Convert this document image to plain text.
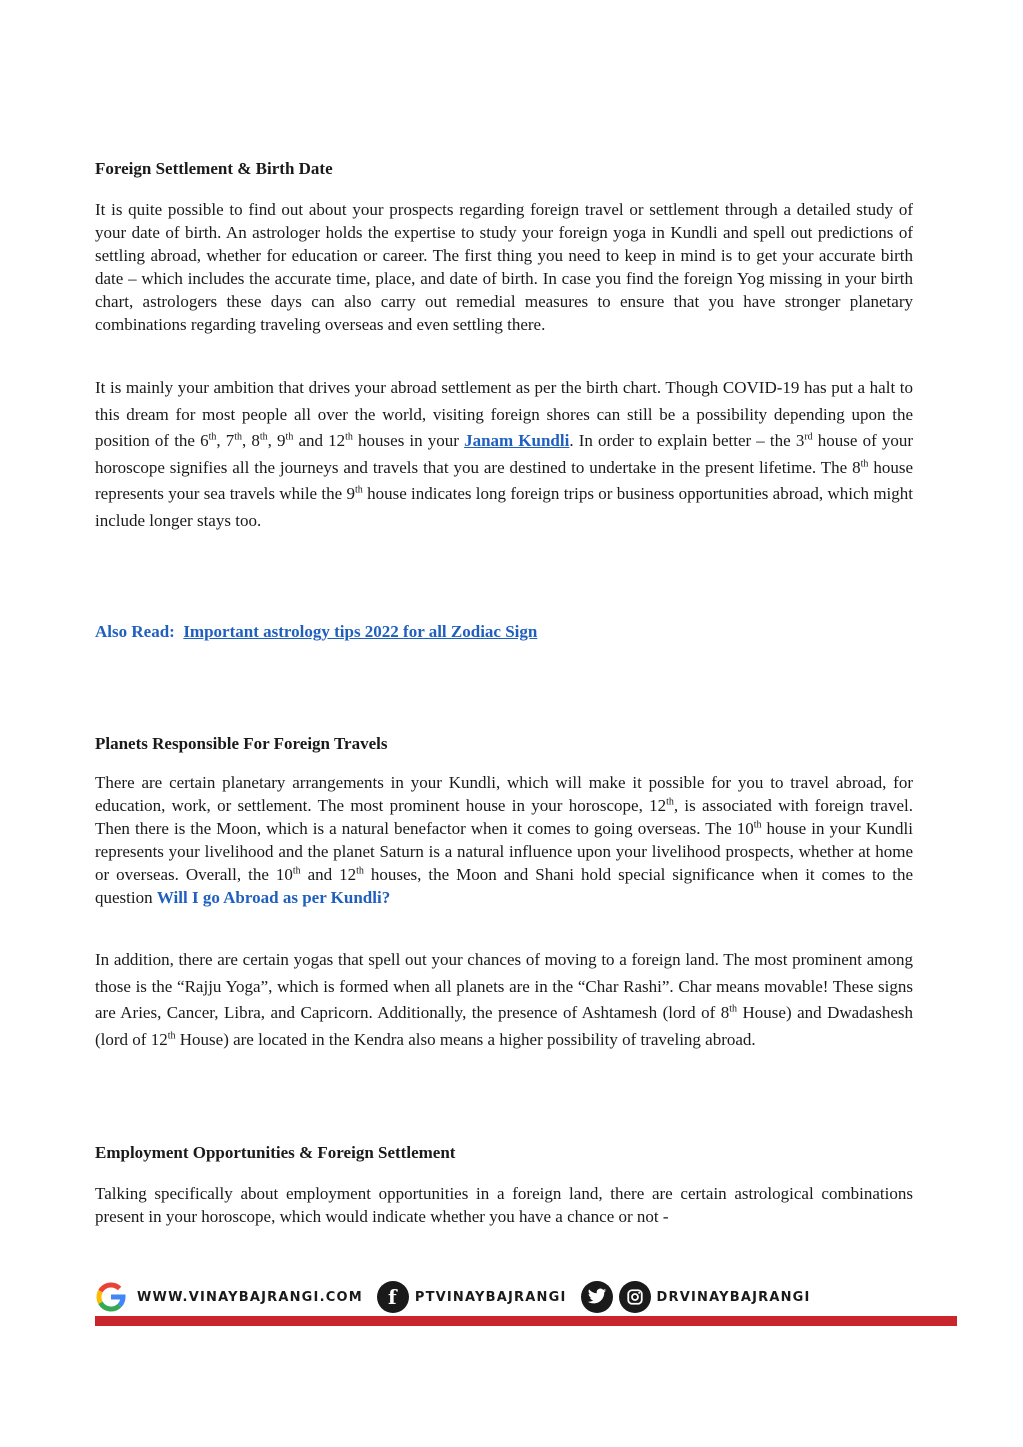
Foreign Settlement & Birth Date

It is quite possible to find out about your prospects regarding foreign travel or settlement through a detailed study of your date of birth. An astrologer holds the expertise to study your foreign yoga in Kundli and spell out predictions of settling abroad, whether for education or career. The first thing you need to keep in mind is to get your accurate birth date – which includes the accurate time, place, and date of birth. In case you find the foreign Yog missing in your birth chart, astrologers these days can also carry out remedial measures to ensure that you have stronger planetary combinations regarding traveling overseas and even settling there.

It is mainly your ambition that drives your abroad settlement as per the birth chart. Though COVID-19 has put a halt to this dream for most people all over the world, visiting foreign shores can still be a possibility depending upon the position of the 6th, 7th, 8th, 9th and 12th houses in your Janam Kundli. In order to explain better – the 3rd house of your horoscope signifies all the journeys and travels that you are destined to undertake in the present lifetime. The 8th house represents your sea travels while the 9th house indicates long foreign trips or business opportunities abroad, which might include longer stays too.

Also Read: Important astrology tips 2022 for all Zodiac Sign
Planets Responsible For Foreign Travels

There are certain planetary arrangements in your Kundli, which will make it possible for you to travel abroad, for education, work, or settlement. The most prominent house in your horoscope, 12th, is associated with foreign travel. Then there is the Moon, which is a natural benefactor when it comes to going overseas. The 10th house in your Kundli represents your livelihood and the planet Saturn is a natural influence upon your livelihood prospects, whether at home or overseas. Overall, the 10th and 12th houses, the Moon and Shani hold special significance when it comes to the question Will I go Abroad as per Kundli?

In addition, there are certain yogas that spell out your chances of moving to a foreign land. The most prominent among those is the “Rajju Yoga”, which is formed when all planets are in the “Char Rashi”. Char means movable! These signs are Aries, Cancer, Libra, and Capricorn. Additionally, the presence of Ashtamesh (lord of 8th House) and Dwadashesh (lord of 12th House) are located in the Kendra also means a higher possibility of traveling abroad.

Employment Opportunities & Foreign Settlement

Talking specifically about employment opportunities in a foreign land, there are certain astrological combinations present in your horoscope, which would indicate whether you have a chance or not -

WWW.VINAYBAJRANGI.COM	f	PTVINAYBAJRANGI	DRVINAYBAJRANGI
